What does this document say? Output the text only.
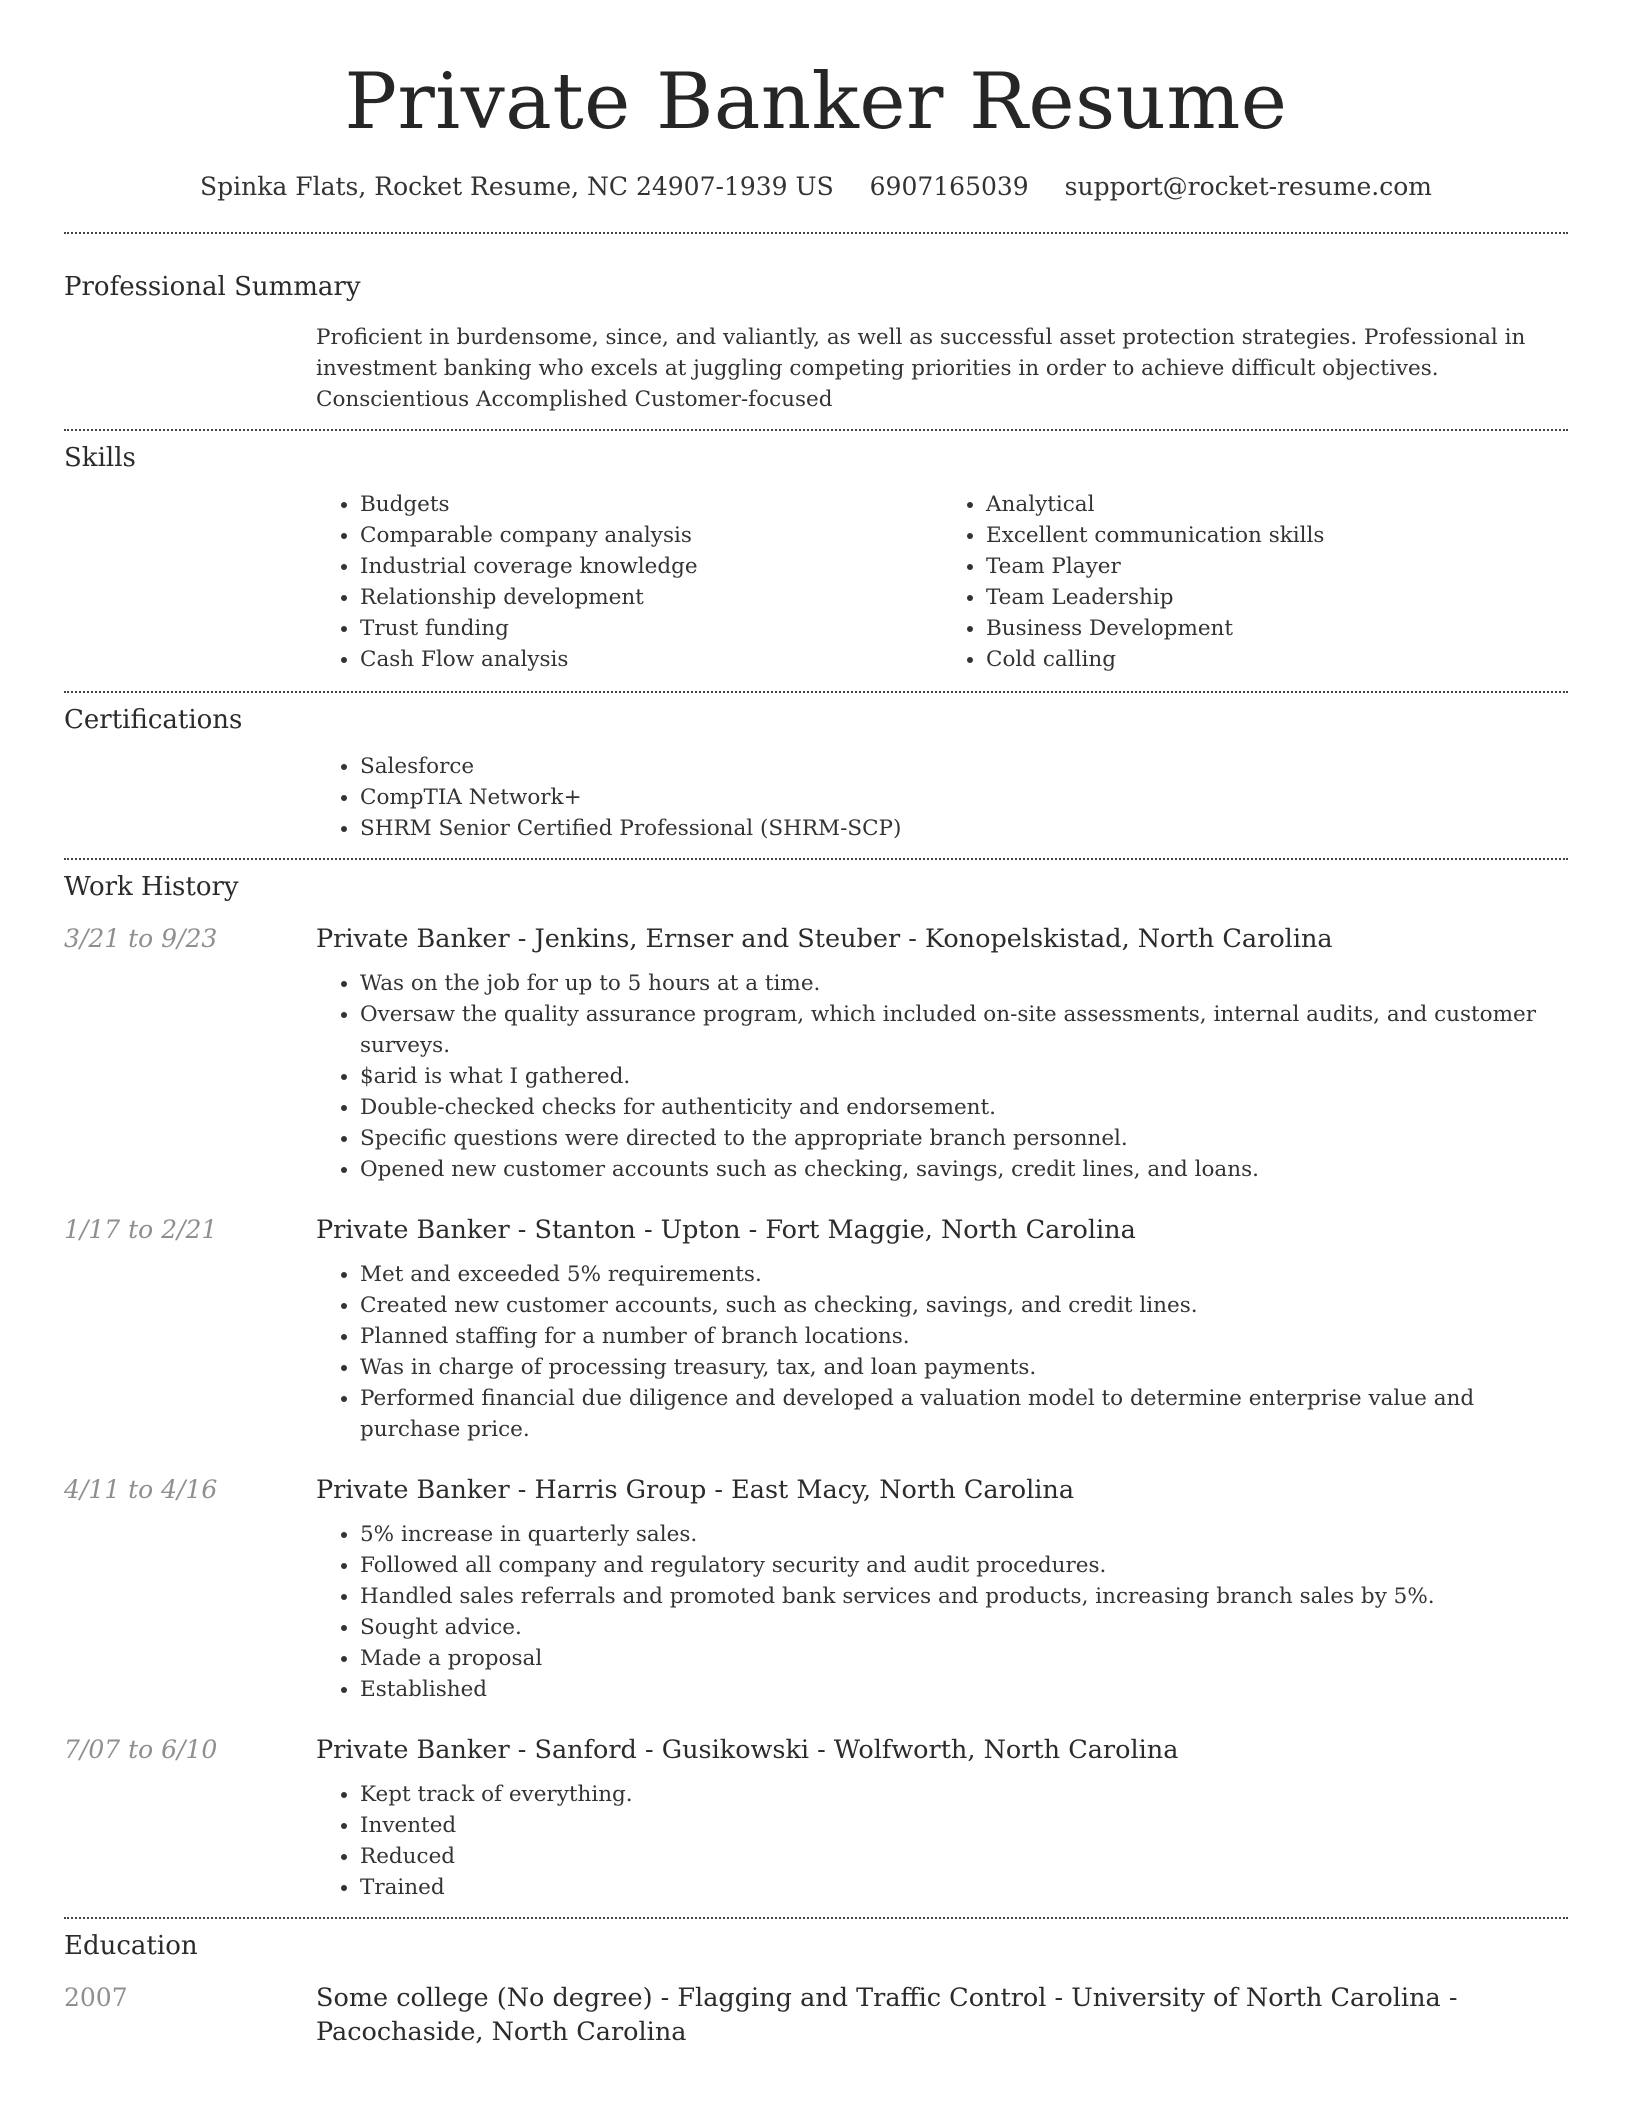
Private Banker Resume
Spinka Flats, Rocket Resume, NC 24907-1939 US 6907165039 support@rocket-resume.com
Professional Summary
Proficient in burdensome, since, and valiantly, as well as successful asset protection strategies. Professional in investment banking who excels at juggling competing priorities in order to achieve difficult objectives. Conscientious Accomplished Customer-focused
Skills
• Budgets
• Comparable company analysis
• Industrial coverage knowledge
• Relationship development
• Trust funding
• Cash Flow analysis
• Analytical
• Excellent communication skills
• Team Player
• Team Leadership
• Business Development
• Cold calling
Certifications
• Salesforce
• CompTIA Network+
• SHRM Senior Certified Professional (SHRM-SCP)
Work History
3/21 to 9/23	Private Banker - Jenkins, Ernser and Steuber - Konopelskistad, North Carolina
• Was on the job for up to 5 hours at a time.
• Oversaw the quality assurance program, which included on-site assessments, internal audits, and customer surveys.
• $arid is what I gathered.
• Double-checked checks for authenticity and endorsement.
• Specific questions were directed to the appropriate branch personnel.
• Opened new customer accounts such as checking, savings, credit lines, and loans.
1/17 to 2/21	Private Banker - Stanton - Upton - Fort Maggie, North Carolina
• Met and exceeded 5% requirements.
• Created new customer accounts, such as checking, savings, and credit lines.
• Planned staffing for a number of branch locations.
• Was in charge of processing treasury, tax, and loan payments.
• Performed financial due diligence and developed a valuation model to determine enterprise value and purchase price.
4/11 to 4/16	Private Banker - Harris Group - East Macy, North Carolina
• 5% increase in quarterly sales.
• Followed all company and regulatory security and audit procedures.
• Handled sales referrals and promoted bank services and products, increasing branch sales by 5%.
• Sought advice.
• Made a proposal
• Established
7/07 to 6/10	Private Banker - Sanford - Gusikowski - Wolfworth, North Carolina
• Kept track of everything.
• Invented
• Reduced
• Trained
Education
2007	Some college (No degree) - Flagging and Traffic Control - University of North Carolina - Pacochaside, North Carolina
